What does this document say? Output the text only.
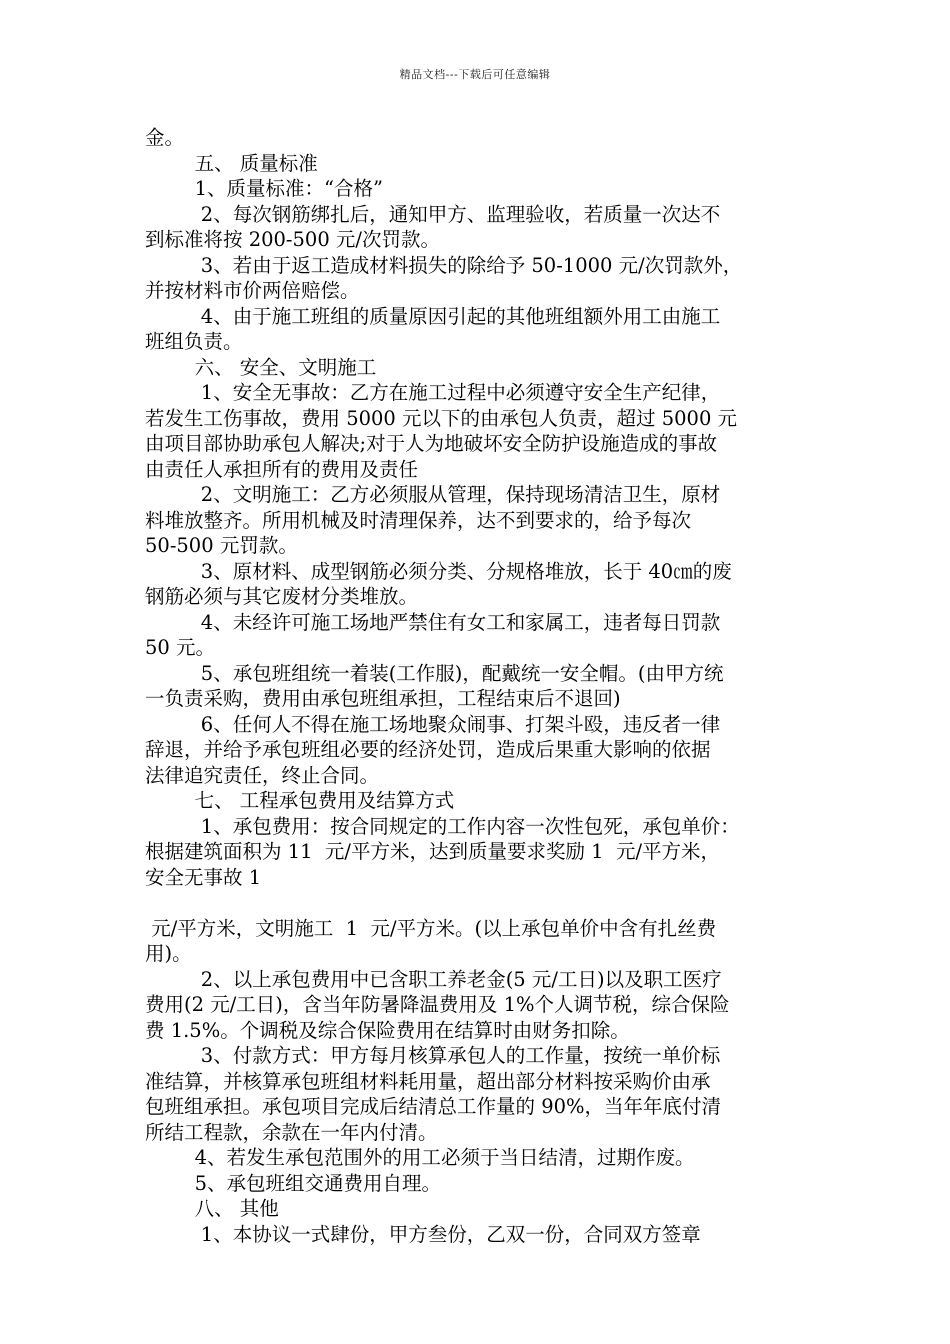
精品文档---下载后可任意编辑
金。
五、 质量标准
1、质量标准：“合格”
2、每次钢筋绑扎后，通知甲方、监理验收，若质量一次达不
到标准将按 200-500 元/次罚款。
3、若由于返工造成材料损失的除给予 50-1000 元/次罚款外，
并按材料市价两倍赔偿。
4、由于施工班组的质量原因引起的其他班组额外用工由施工
班组负责。
六、 安全、文明施工
1、安全无事故：乙方在施工过程中必须遵守安全生产纪律，
若发生工伤事故，费用 5000 元以下的由承包人负责，超过 5000 元
由项目部协助承包人解决;对于人为地破坏安全防护设施造成的事故
由责任人承担所有的费用及责任
2、文明施工：乙方必须服从管理，保持现场清洁卫生，原材
料堆放整齐。所用机械及时清理保养，达不到要求的，给予每次
50-500 元罚款。
3、原材料、成型钢筋必须分类、分规格堆放，长于 40㎝的废
钢筋必须与其它废材分类堆放。
4、未经许可施工场地严禁住有女工和家属工，违者每日罚款
50 元。
5、承包班组统一着装(工作服)，配戴统一安全帽。(由甲方统
一负责采购，费用由承包班组承担，工程结束后不退回)
6、任何人不得在施工场地聚众闹事、打架斗殴，违反者一律
辞退，并给予承包班组必要的经济处罚，造成后果重大影响的依据
法律追究责任，终止合同。
七、 工程承包费用及结算方式
1、承包费用：按合同规定的工作内容一次性包死，承包单价：
根据建筑面积为 11  元/平方米，达到质量要求奖励 1  元/平方米，
安全无事故 1
元/平方米，文明施工  1  元/平方米。(以上承包单价中含有扎丝费
用)。
2、以上承包费用中已含职工养老金(5 元/工日)以及职工医疗
费用(2 元/工日)，含当年防暑降温费用及 1%个人调节税，综合保险
费 1.5%。个调税及综合保险费用在结算时由财务扣除。
3、付款方式：甲方每月核算承包人的工作量，按统一单价标
准结算，并核算承包班组材料耗用量，超出部分材料按采购价由承
包班组承担。承包项目完成后结清总工作量的 90%，当年年底付清
所结工程款，余款在一年内付清。
4、若发生承包范围外的用工必须于当日结清，过期作废。
5、承包班组交通费用自理。
八、 其他
1、本协议一式肆份，甲方叁份，乙双一份，合同双方签章
